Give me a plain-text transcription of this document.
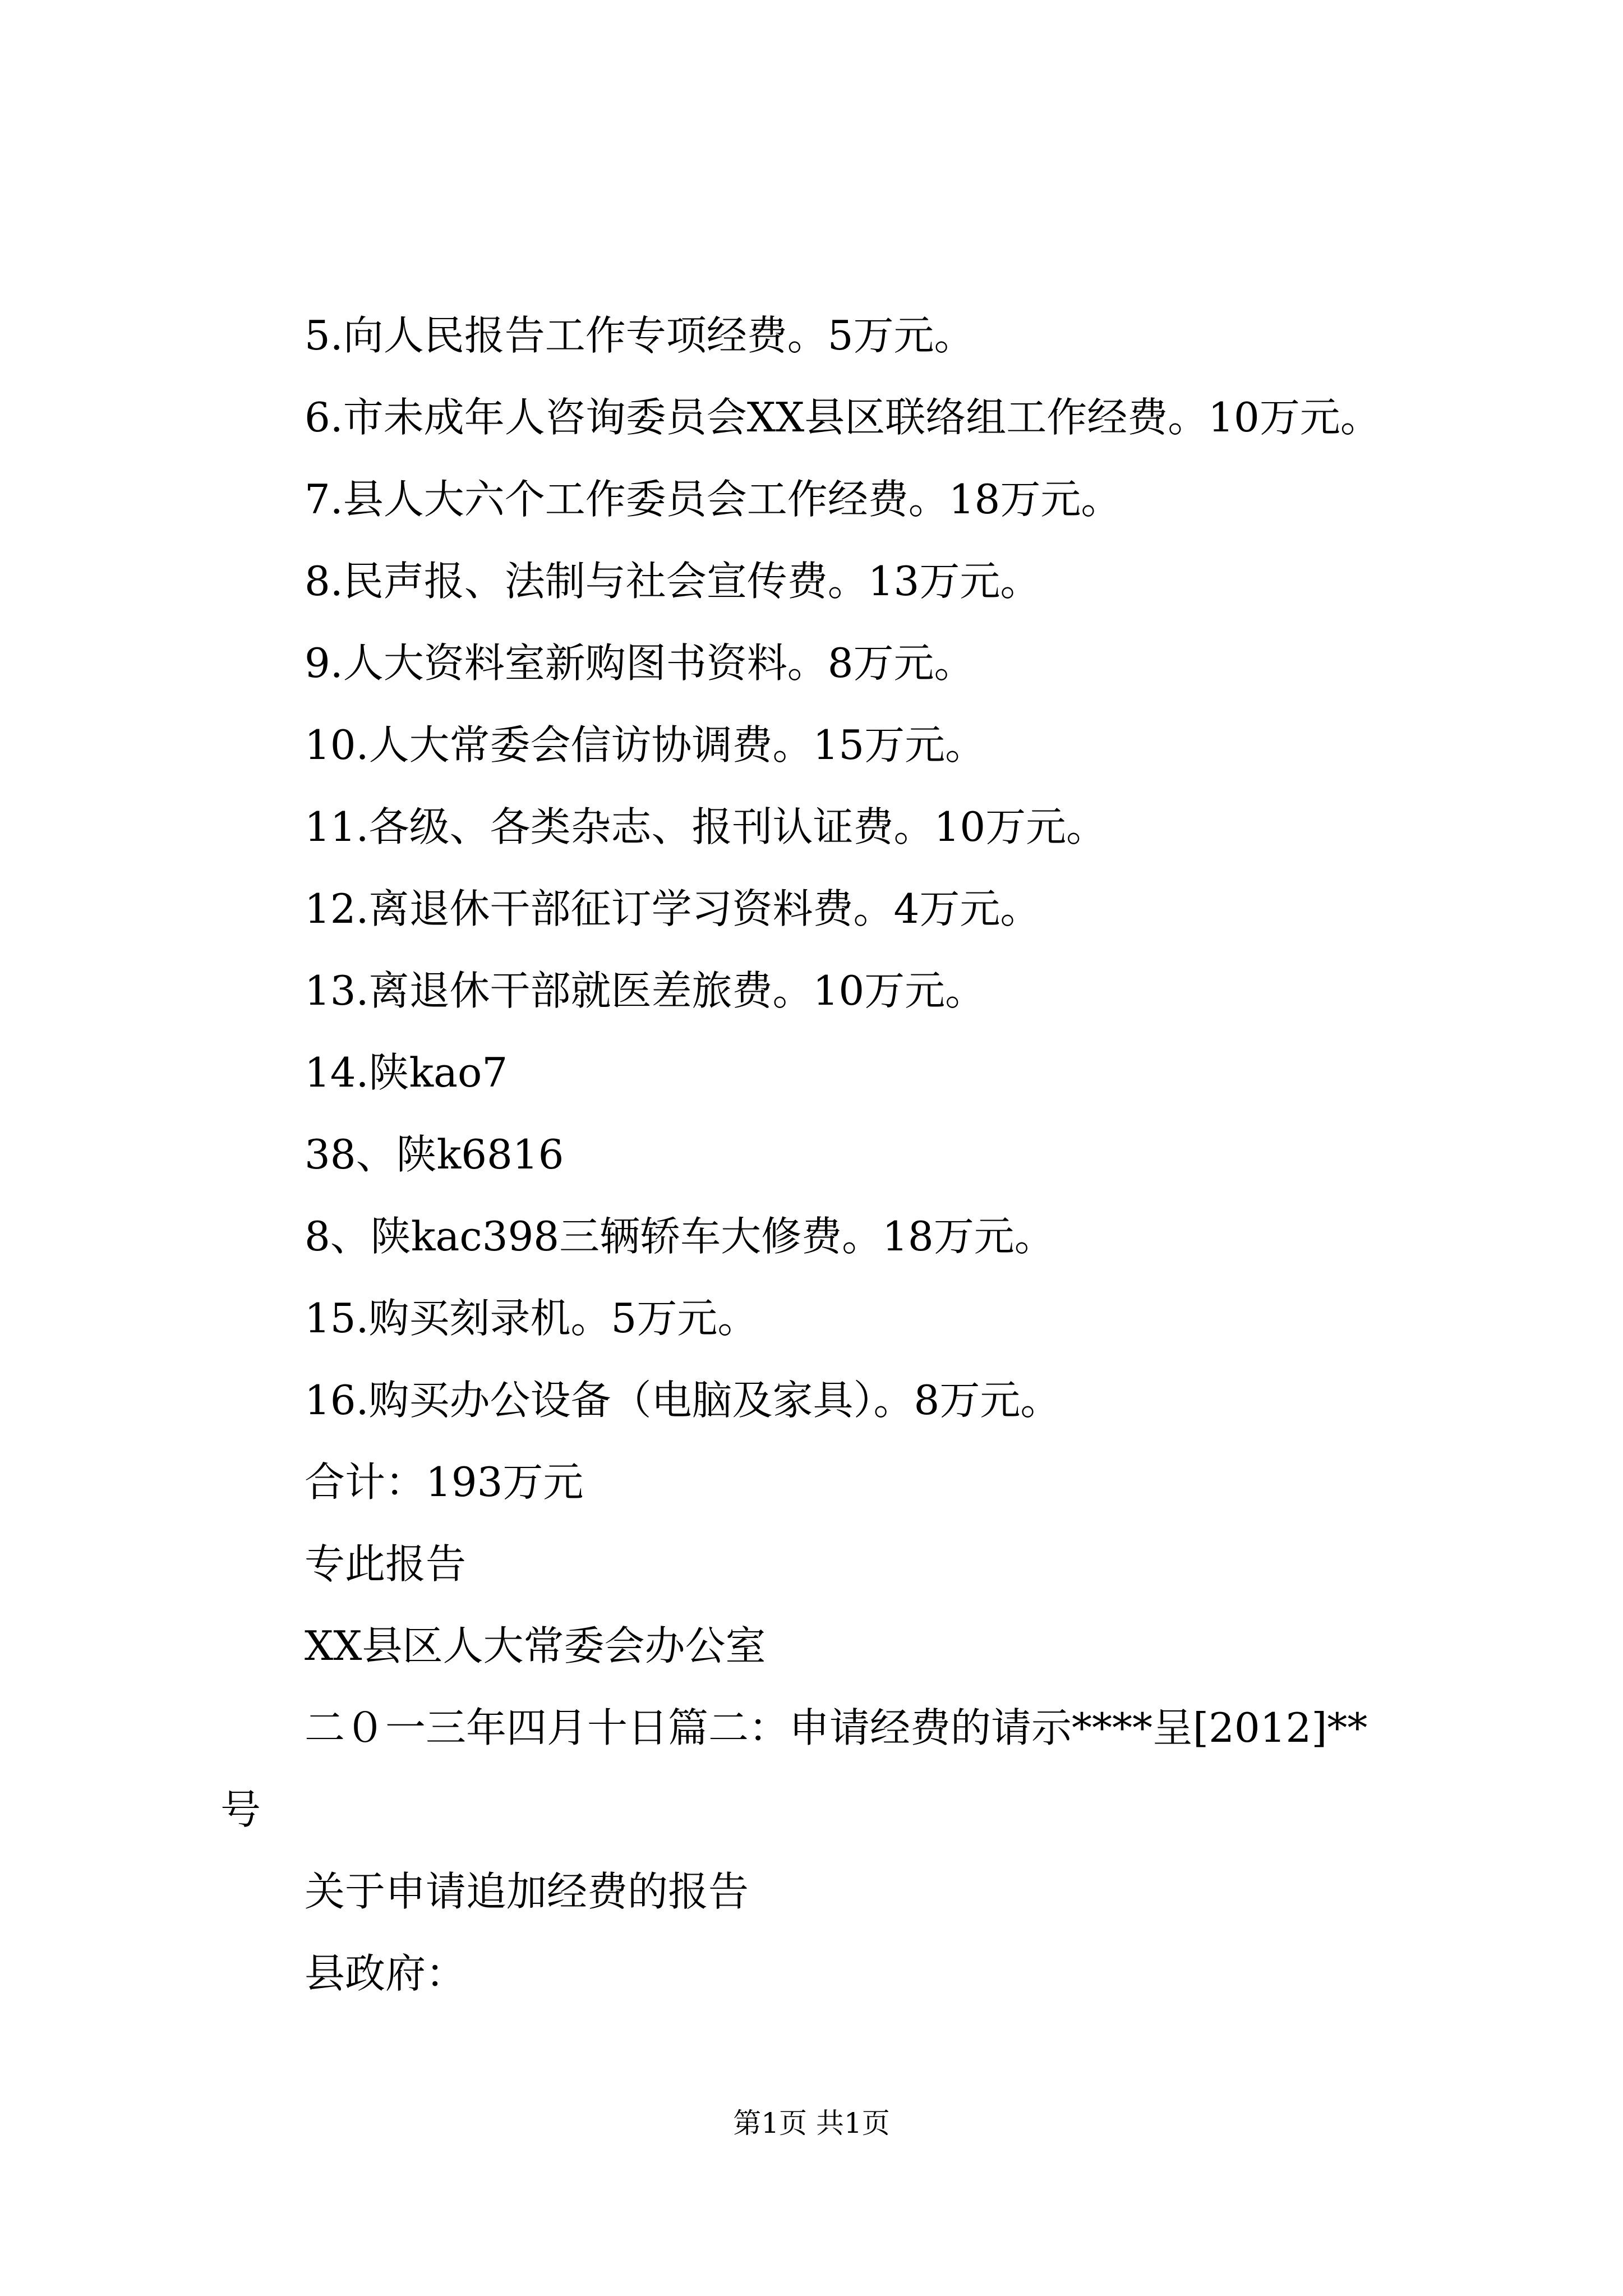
5.向人民报告工作专项经费。5万元。
6.市未成年人咨询委员会XX县区联络组工作经费。10万元。
7.县人大六个工作委员会工作经费。18万元。
8.民声报、法制与社会宣传费。13万元。
9.人大资料室新购图书资料。8万元。
10.人大常委会信访协调费。15万元。
11.各级、各类杂志、报刊认证费。10万元。
12.离退休干部征订学习资料费。4万元。
13.离退休干部就医差旅费。10万元。
14.陕kao7
38、陕k6816
8、陕kac398三辆轿车大修费。18万元。
15.购买刻录机。5万元。
16.购买办公设备（电脑及家具）。8万元。
合计：193万元
专此报告
XX县区人大常委会办公室
二０一三年四月十日篇二：申请经费的请示****呈[2012]**
号
关于申请追加经费的报告
县政府：
第1页 共1页
